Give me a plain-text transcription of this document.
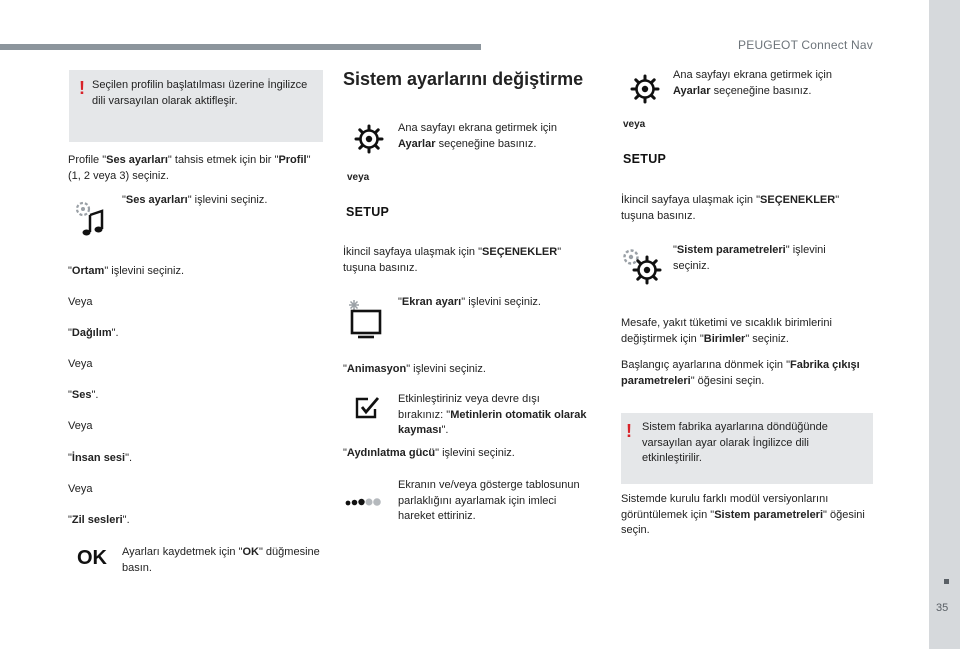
PEUGEOT Connect Nav
35
! Seçilen profilin başlatılması üzerine İngilizce dili varsayılan olarak aktifleşir.
Profile "Ses ayarları" tahsis etmek için bir "Profil" (1, 2 veya 3) seçiniz.
"Ses ayarları" işlevini seçiniz.
"Ortam" işlevini seçiniz.
Veya
"Dağılım".
Veya
"Ses".
Veya
"İnsan sesi".
Veya
"Zil sesleri".
OK Ayarları kaydetmek için "OK" düğmesine basın.
Sistem ayarlarını değiştirme
Ana sayfayı ekrana getirmek için Ayarlar seçeneğine basınız.
veya
SETUP
İkincil sayfaya ulaşmak için "SEÇENEKLER" tuşuna basınız.
"Ekran ayarı" işlevini seçiniz.
"Animasyon" işlevini seçiniz.
Etkinleştiriniz veya devre dışı bırakınız: "Metinlerin otomatik olarak kayması".
"Aydınlatma gücü" işlevini seçiniz.
Ekranın ve/veya gösterge tablosunun parlaklığını ayarlamak için imleci hareket ettiriniz.
Ana sayfayı ekrana getirmek için Ayarlar seçeneğine basınız.
veya
SETUP
İkincil sayfaya ulaşmak için "SEÇENEKLER" tuşuna basınız.
"Sistem parametreleri" işlevini seçiniz.
Mesafe, yakıt tüketimi ve sıcaklık birimlerini değiştirmek için "Birimler" seçiniz.
Başlangıç ayarlarına dönmek için "Fabrika çıkışı parametreleri" öğesini seçin.
! Sistem fabrika ayarlarına döndüğünde varsayılan ayar olarak İngilizce dili etkinleştirilir.
Sistemde kurulu farklı modül versiyonlarını görüntülemek için "Sistem parametreleri" öğesini seçin.
